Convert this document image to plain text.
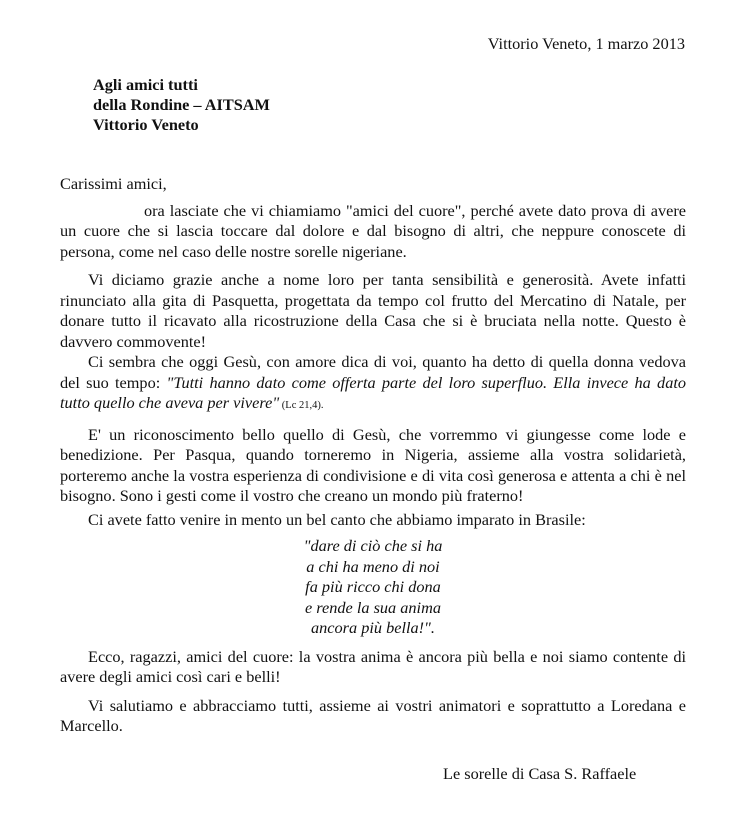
Vittorio Veneto, 1 marzo 2013
Agli amici tutti
della Rondine – AITSAM
Vittorio Veneto
Carissimi amici,

ora lasciate che vi chiamiamo "amici del cuore", perché avete dato prova di avere un cuore che si lascia toccare dal dolore e dal bisogno di altri, che neppure conoscete di persona, come nel caso delle nostre sorelle nigeriane.

Vi diciamo grazie anche a nome loro per tanta sensibilità e generosità. Avete infatti rinunciato alla gita di Pasquetta, progettata da tempo col frutto del Mercatino di Natale, per donare tutto il ricavato alla ricostruzione della Casa che si è bruciata nella notte. Questo è davvero commovente!

Ci sembra che oggi Gesù, con amore dica di voi, quanto ha detto di quella donna vedova del suo tempo: "Tutti hanno dato come offerta parte del loro superfluo. Ella invece ha dato tutto quello che aveva per vivere" (Lc 21,4).

E' un riconoscimento bello quello di Gesù, che vorremmo vi giungesse come lode e benedizione. Per Pasqua, quando torneremo in Nigeria, assieme alla vostra solidarietà, porteremo anche la vostra esperienza di condivisione e di vita così generosa e attenta a chi è nel bisogno. Sono i gesti come il vostro che creano un mondo più fraterno!

Ci avete fatto venire in mento un bel canto che abbiamo imparato in Brasile:

"dare di ciò che si ha
a chi ha meno di noi
fa più ricco chi dona
e rende la sua anima
ancora più bella!".

Ecco, ragazzi, amici del cuore: la vostra anima è ancora più bella e noi siamo contente di avere degli amici così cari e belli!

Vi salutiamo e abbracciamo tutti, assieme ai vostri animatori e soprattutto a Loredana e Marcello.

Le sorelle di Casa S. Raffaele
